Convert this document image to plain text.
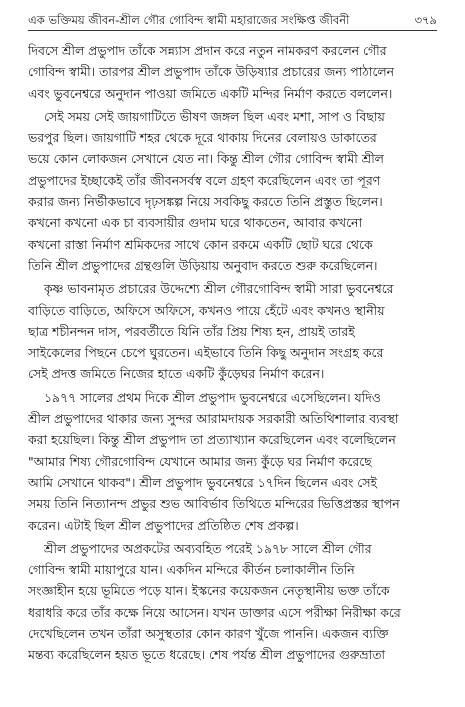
এক ভক্তিময় জীবন-শ্রীল গৌর গোবিন্দ স্বামী মহারাজের সংক্ষিপ্ত জীবনী	৩৭৯
দিবসে শ্রীল প্রভুপাদ তাঁকে সন্ন্যাস প্রদান করে নতুন নামকরণ করলেন গৌর
গোবিন্দ স্বামী। তারপর শ্রীল প্রভুপাদ তাঁকে উড়িষ্যার প্রচারের জন্য পাঠালেন
এবং ভুবনেশ্বরে অনুদান পাওয়া জমিতে একটি মন্দির নির্মাণ করতে বললেন।
সেই সময় সেই জায়গাটিতে ভীষণ জঙ্গল ছিল এবং মশা, সাপ ও বিছায়
ভরপুর ছিল। জায়গাটি শহর থেকে দূরে থাকায় দিনের বেলায়ও ডাকাতের
ভয়ে কোন লোকজন সেখানে যেত না। কিন্তু শ্রীল গৌর গোবিন্দ স্বামী শ্রীল
প্রভুপাদের ইচ্ছাকেই তাঁর জীবনসর্বস্ব বলে গ্রহণ করেছিলেন এবং তা পূরণ
করার জন্য নির্ভীকভাবে দৃঢ়সঙ্কল্প নিয়ে সবকিছু করতে তিনি প্রস্তুত ছিলেন।
কখনো কখনো এক চা ব্যবসায়ীর গুদাম ঘরে থাকতেন, আবার কখনো
কখনো রাস্তা নির্মাণ শ্রমিকদের সাথে কোন রকমে একটি ছোট ঘরে থেকে
তিনি শ্রীল প্রভুপাদের গ্রন্থগুলি উড়িয়ায় অনুবাদ করতে শুরু করেছিলেন।
কৃষ্ণ ভাবনামৃত প্রচারের উদ্দেশ্যে শ্রীল গৌরগোবিন্দ স্বামী সারা ভুবনেশ্বরে
বাড়িতে বাড়িতে, অফিসে অফিসে, কখনও পায়ে হেঁটে এবং কখনও স্থানীয়
ছাত্র শচীনন্দন দাস, পরবর্তীতে যিনি তাঁর প্রিয় শিষ্য হন, প্রায়ই তারই
সাইকেলের পিছনে চেপে ঘুরতেন। এইভাবে তিনি কিছু অনুদান সংগ্রহ করে
সেই প্রদত্ত জমিতে নিজের হাতে একটি কুঁড়েঘর নির্মাণ করেন।
১৯৭৭ সালের প্রথম দিকে শ্রীল প্রভুপাদ ভুবনেশ্বরে এসেছিলেন। যদিও
শ্রীল প্রভুপাদের থাকার জন্য সুন্দর আরামদায়ক সরকারী অতিথিশালার ব্যবস্থা
করা হয়েছিল। কিন্তু শ্রীল প্রভুপাদ তা প্রত্যাখ্যান করেছিলেন এবং বলেছিলেন
"আমার শিষ্য গৌরগোবিন্দ যেখানে আমার জন্য কুঁড়ে ঘর নির্মাণ করেছে
আমি সেখানে থাকব"। শ্রীল প্রভুপাদ ভুবনেশ্বরে ১৭দিন ছিলেন এবং সেই
সময় তিনি নিত্যানন্দ প্রভুর শুভ আবির্ভাব তিথিতে মন্দিরের ভিত্তিপ্রস্তর স্থাপন
করেন। এটাই ছিল শ্রীল প্রভুপাদের প্রতিষ্ঠিত শেষ প্রকল্প।
শ্রীল প্রভুপাদের অপ্রকটের অব্যবহিত পরেই ১৯৭৮ সালে শ্রীল গৌর
গোবিন্দ স্বামী মায়াপুরে যান। একদিন মন্দিরে কীর্তন চলাকালীন তিনি
সংজ্ঞাহীন হয়ে ভূমিতে পড়ে যান। ইস্কনের কয়েকজন নেতৃস্থানীয় ভক্ত তাঁকে
ধরাধরি করে তাঁর কক্ষে নিয়ে আসেন। যখন ডাক্তার এসে পরীক্ষা নিরীক্ষা করে
দেখেছিলেন তখন তাঁরা অসুস্থতার কোন কারণ খুঁজে পাননি। একজন ব্যক্তি
মন্তব্য করেছিলেন হয়ত ভূতে ধরেছে। শেষ পর্যন্ত শ্রীল প্রভুপাদের গুরুভ্রাতা
